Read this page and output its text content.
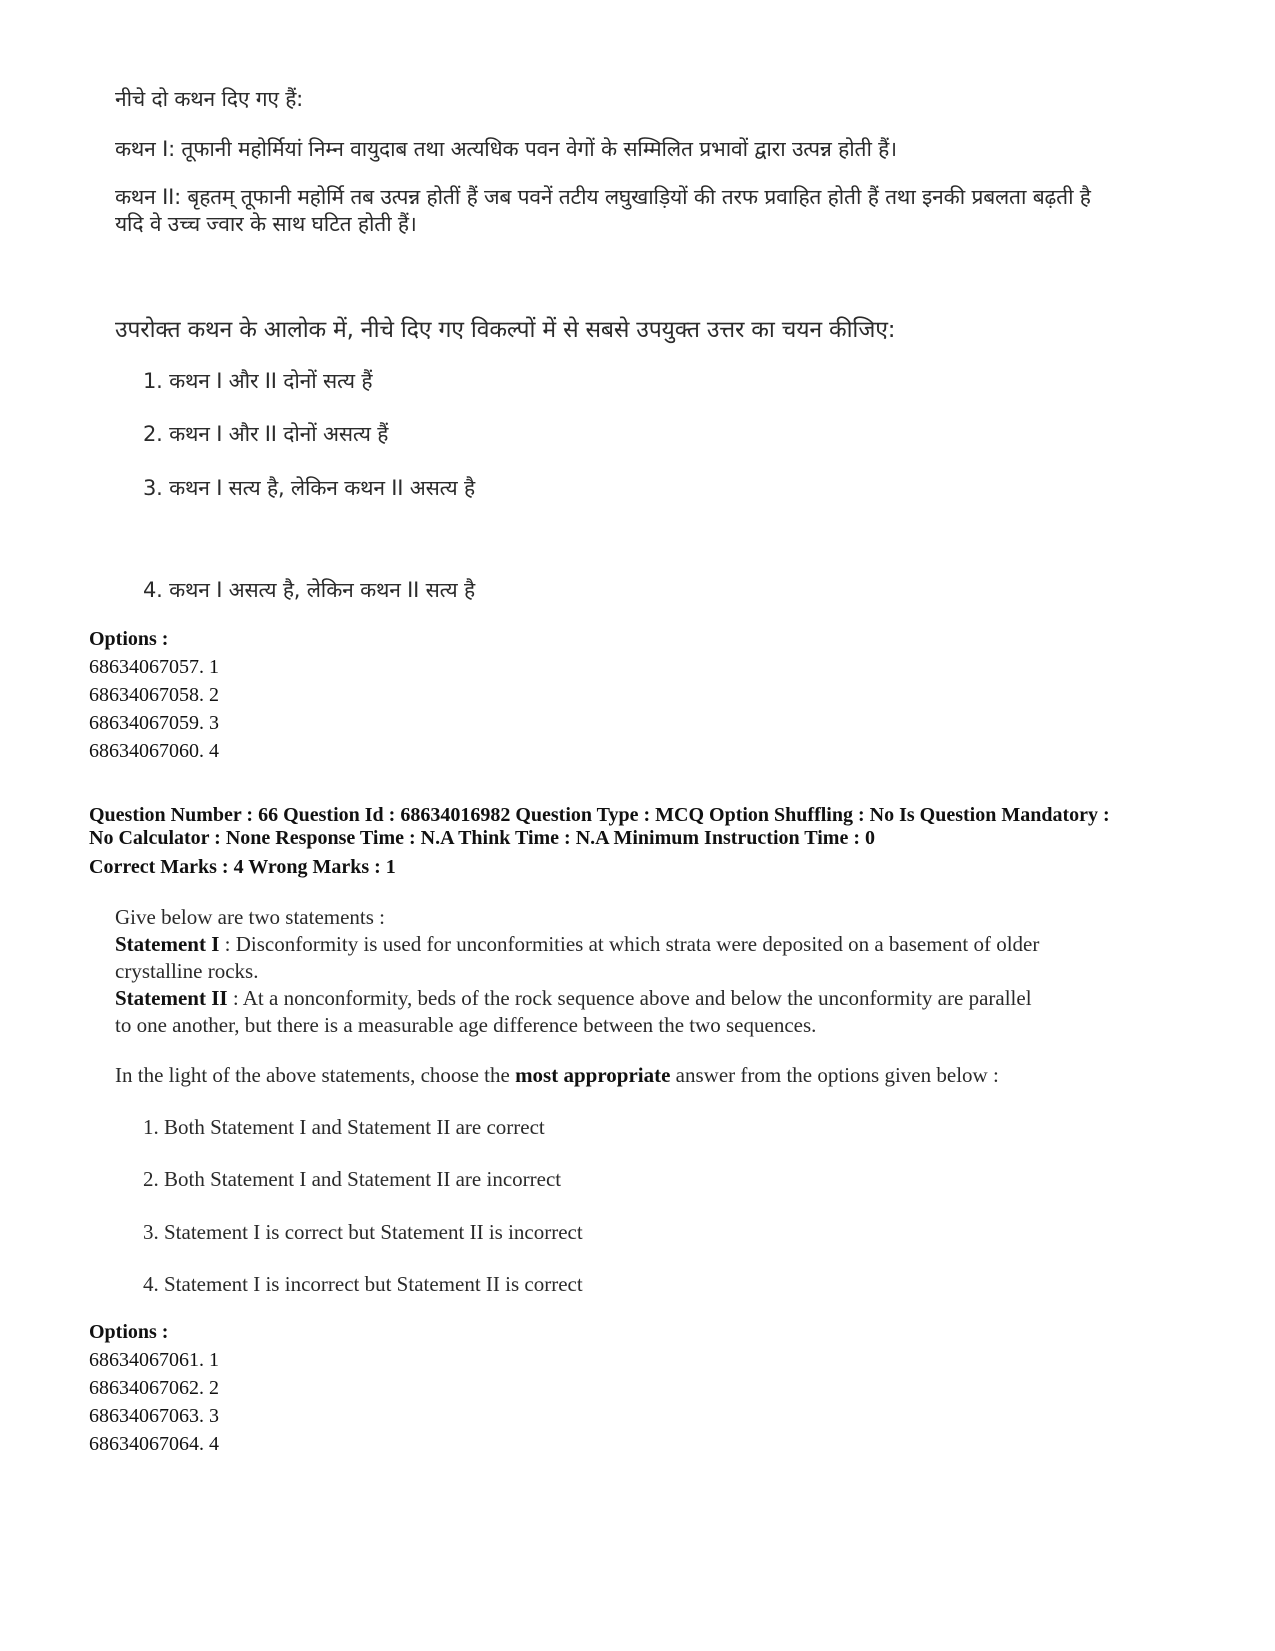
नीचे दो कथन दिए गए हैं:
कथन I: तूफानी महोर्मियां निम्न वायुदाब तथा अत्यधिक पवन वेगों के सम्मिलित प्रभावों द्वारा उत्पन्न होती हैं।
कथन II: बृहतम् तूफानी महोर्मि तब उत्पन्न होतीं हैं जब पवनें तटीय लघुखाड़ियों की तरफ प्रवाहित होती हैं तथा इनकी प्रबलता बढ़ती है
यदि वे उच्च ज्वार के साथ घटित होती हैं।
उपरोक्त कथन के आलोक में, नीचे दिए गए विकल्पों में से सबसे उपयुक्त उत्तर का चयन कीजिए:
1. कथन I और II दोनों सत्य हैं
2. कथन I और II दोनों असत्य हैं
3. कथन I सत्य है, लेकिन कथन II असत्य है
4. कथन I असत्य है, लेकिन कथन II सत्य है
Options :
68634067057. 1
68634067058. 2
68634067059. 3
68634067060. 4
Question Number : 66 Question Id : 68634016982 Question Type : MCQ Option Shuffling : No Is Question Mandatory :
No Calculator : None Response Time : N.A Think Time : N.A Minimum Instruction Time : 0
Correct Marks : 4 Wrong Marks : 1
Give below are two statements :
Statement I : Disconformity is used for unconformities at which strata were deposited on a basement of older
crystalline rocks.
Statement II : At a nonconformity, beds of the rock sequence above and below the unconformity are parallel
to one another, but there is a measurable age difference between the two sequences.
In the light of the above statements, choose the most appropriate answer from the options given below :
1. Both Statement I and Statement II are correct
2. Both Statement I and Statement II are incorrect
3. Statement I is correct but Statement II is incorrect
4. Statement I is incorrect but Statement II is correct
Options :
68634067061. 1
68634067062. 2
68634067063. 3
68634067064. 4
